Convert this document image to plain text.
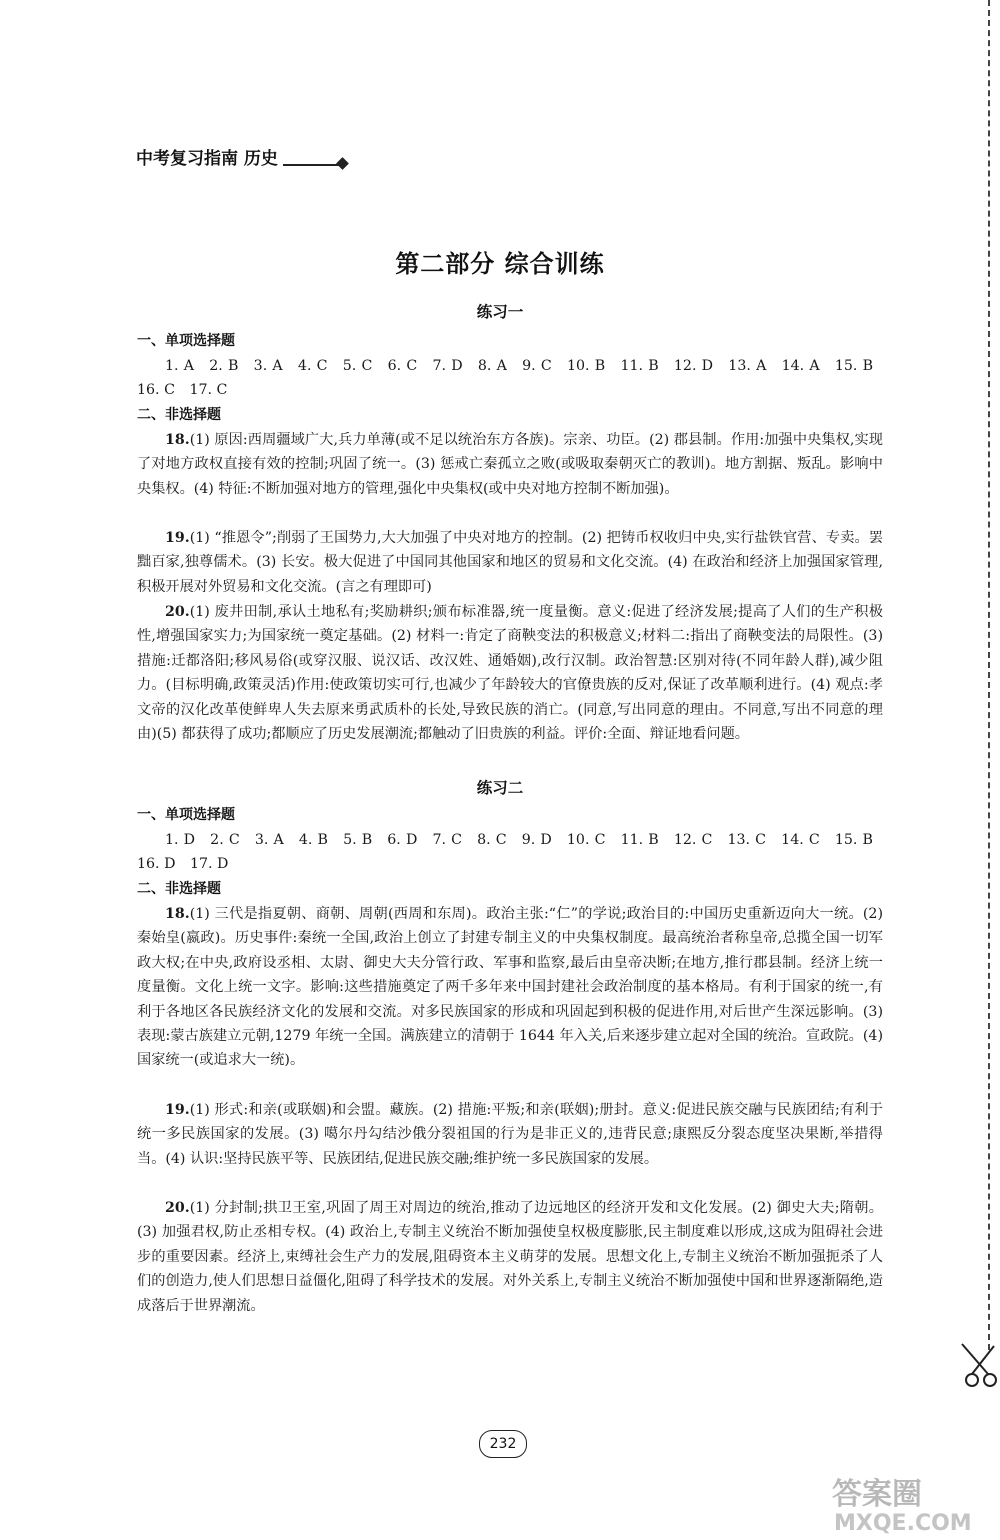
中考复习指南 历史
第二部分 综合训练
练习一
一、单项选择题

1. A 2. B 3. A 4. C 5. C 6. C 7. D 8. A 9. C 10. B 11. B 12. D 13. A 14. A 15. B 16. C 17. C

二、非选择题

18.(1) 原因:西周疆域广大,兵力单薄(或不足以统治东方各族)。宗亲、功臣。(2) 郡县制。作用:加强中央集权,实现了对地方政权直接有效的控制;巩固了统一。(3) 惩戒亡秦孤立之败(或吸取秦朝灭亡的教训)。地方割据、叛乱。影响中央集权。(4) 特征:不断加强对地方的管理,强化中央集权(或中央对地方控制不断加强)。

19.(1) “推恩令”;削弱了王国势力,大大加强了中央对地方的控制。(2) 把铸币权收归中央,实行盐铁官营、专卖。罢黜百家,独尊儒术。(3) 长安。极大促进了中国同其他国家和地区的贸易和文化交流。(4) 在政治和经济上加强国家管理,积极开展对外贸易和文化交流。(言之有理即可)

20.(1) 废井田制,承认土地私有;奖励耕织;颁布标准器,统一度量衡。意义:促进了经济发展;提高了人们的生产积极性,增强国家实力;为国家统一奠定基础。(2) 材料一:肯定了商鞅变法的积极意义;材料二:指出了商鞅变法的局限性。(3) 措施:迁都洛阳;移风易俗(或穿汉服、说汉话、改汉姓、通婚姻),改行汉制。政治智慧:区别对待(不同年龄人群),减少阻力。(目标明确,政策灵活)作用:使政策切实可行,也减少了年龄较大的官僚贵族的反对,保证了改革顺利进行。(4) 观点:孝文帝的汉化改革使鲜卑人失去原来勇武质朴的长处,导致民族的消亡。(同意,写出同意的理由。不同意,写出不同意的理由)(5) 都获得了成功;都顺应了历史发展潮流;都触动了旧贵族的利益。评价:全面、辩证地看问题。

练习二
一、单项选择题

1. D 2. C 3. A 4. B 5. B 6. D 7. C 8. C 9. D 10. C 11. B 12. C 13. C 14. C 15. B 16. D 17. D

二、非选择题

18.(1) 三代是指夏朝、商朝、周朝(西周和东周)。政治主张:“仁”的学说;政治目的:中国历史重新迈向大一统。(2) 秦始皇(嬴政)。历史事件:秦统一全国,政治上创立了封建专制主义的中央集权制度。最高统治者称皇帝,总揽全国一切军政大权;在中央,政府设丞相、太尉、御史大夫分管行政、军事和监察,最后由皇帝决断;在地方,推行郡县制。经济上统一度量衡。文化上统一文字。影响:这些措施奠定了两千多年来中国封建社会政治制度的基本格局。有利于国家的统一,有利于各地区各民族经济文化的发展和交流。对多民族国家的形成和巩固起到积极的促进作用,对后世产生深远影响。(3) 表现:蒙古族建立元朝,1279 年统一全国。满族建立的清朝于 1644 年入关,后来逐步建立起对全国的统治。宣政院。(4) 国家统一(或追求大一统)。

19.(1) 形式:和亲(或联姻)和会盟。藏族。(2) 措施:平叛;和亲(联姻);册封。意义:促进民族交融与民族团结;有利于统一多民族国家的发展。(3) 噶尔丹勾结沙俄分裂祖国的行为是非正义的,违背民意;康熙反分裂态度坚决果断,举措得当。(4) 认识:坚持民族平等、民族团结,促进民族交融;维护统一多民族国家的发展。

20.(1) 分封制;拱卫王室,巩固了周王对周边的统治,推动了边远地区的经济开发和文化发展。(2) 御史大夫;隋朝。(3) 加强君权,防止丞相专权。(4) 政治上,专制主义统治不断加强使皇权极度膨胀,民主制度难以形成,这成为阻碍社会进步的重要因素。经济上,束缚社会生产力的发展,阻碍资本主义萌芽的发展。思想文化上,专制主义统治不断加强扼杀了人们的创造力,使人们思想日益僵化,阻碍了科学技术的发展。对外关系上,专制主义统治不断加强使中国和世界逐渐隔绝,造成落后于世界潮流。

232
答案圈
MXQE.COM
